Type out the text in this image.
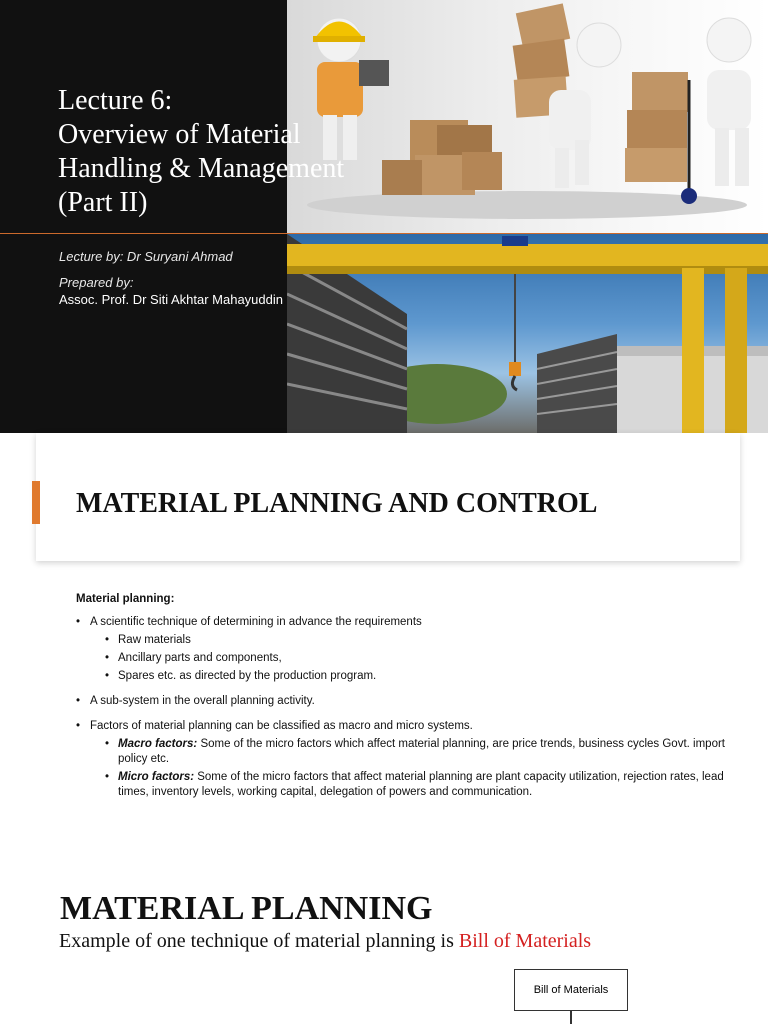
Lecture 6:
Overview of Material
Handling & Management
(Part II)
Lecture by: Dr Suryani Ahmad
Prepared by:
Assoc. Prof. Dr Siti Akhtar Mahayuddin
MATERIAL PLANNING AND CONTROL
Material planning:
• A scientific technique of determining in advance the requirements
• Raw materials
• Ancillary parts and components,
• Spares etc. as directed by the production program.
• A sub-system in the overall planning activity.
• Factors of material planning can be classified as macro and micro systems.
• Macro factors: Some of the micro factors which affect material planning, are price trends, business cycles Govt. import policy etc.
• Micro factors: Some of the micro factors that affect material planning are plant capacity utilization, rejection rates, lead times, inventory levels, working capital, delegation of powers and communication.
MATERIAL PLANNING
Example of one technique of material planning is Bill of Materials
Bill of Materials
